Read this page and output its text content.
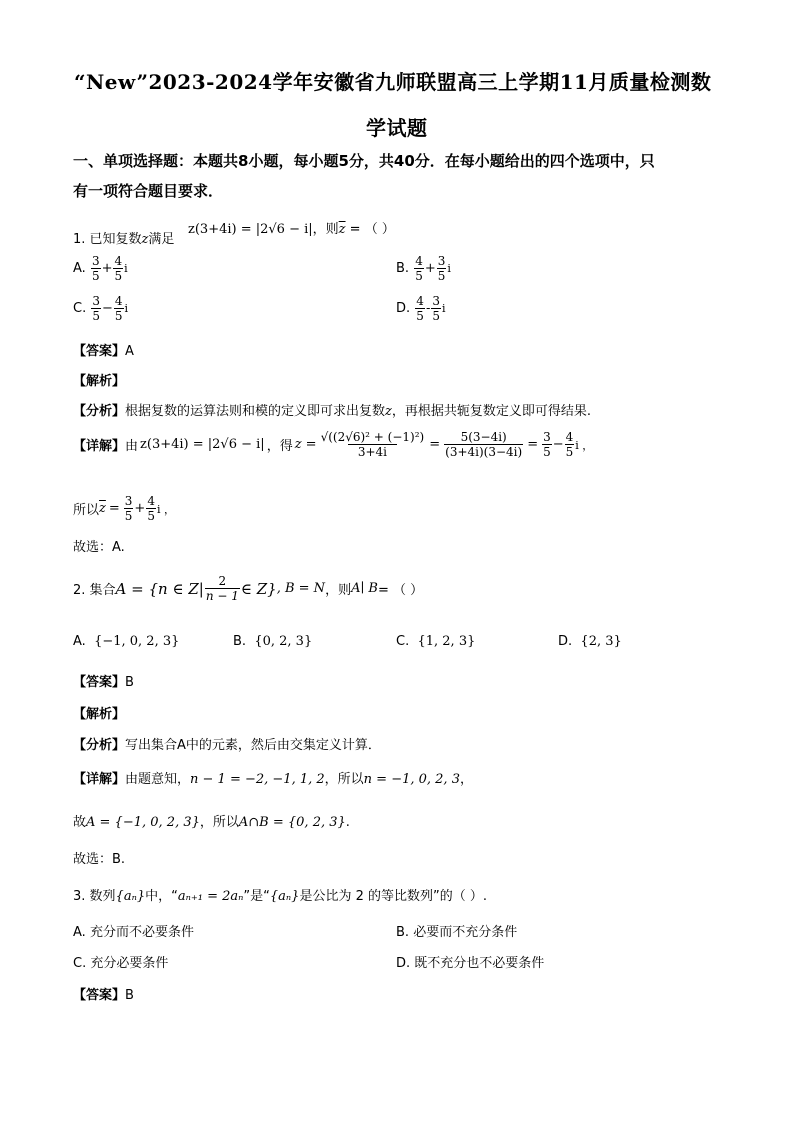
“New”2023-2024学年安徽省九师联盟高三上学期11月质量检测数
学试题
一、单项选择题：本题共8小题，每小题5分，共40分．在每小题给出的四个选项中，只
有一项符合题目要求．
1. 已知复数z满足
z(3+4i) = |2√6 − i|，则$\overline{z}$ = （ ）
A. $\frac{3}{5} + \frac{4}{5}$ i	B. $\frac{4}{5} + \frac{3}{5}$ i
C. $\frac{3}{5} - \frac{4}{5}$ i	D. $\frac{4}{5} - \frac{3}{5}$ i
【答案】A
【解析】
【分析】根据复数的运算法则和模的定义即可求出复数z，再根据共轭复数定义即可得结果.
【详解】 由 z(3+4i) = |2√6 − i| ，得 $z = \frac{\text{√((2√6)² + (−1)²)}}{3+4i} = \frac{5(3-4i)}{(3+4i)(3-4i)} = \frac{3}{5} - \frac{4}{5}$ i ，
所以 $\overline{z} = \frac{3}{5} + \frac{4}{5}$ i ，
故选：A.
2. 集合 A = {n ∈ $Z| \frac{2}{n - 1}$ ∈ Z} , B = N ，则 A∣ B = （ ）
A. {−1, 0, 2, 3}	B. {0, 2, 3}	C. {1, 2, 3}	D. {2, 3}
【答案】B
【解析】
【分析】写出集合A中的元素，然后由交集定义计算．
【详解】由题意知，n − 1 = −2, −1, 1, 2，所以n = −1, 0, 2, 3，
故A = {−1, 0, 2, 3}，所以A∩B = {0, 2, 3}.
故选：B.
3. 数列{aₙ}中，“aₙ₊₁ = 2aₙ”是“{aₙ}是公比为 2 的等比数列”的（ ）.
A. 充分而不必要条件	B. 必要而不充分条件
C. 充分必要条件	D. 既不充分也不必要条件
【答案】B
